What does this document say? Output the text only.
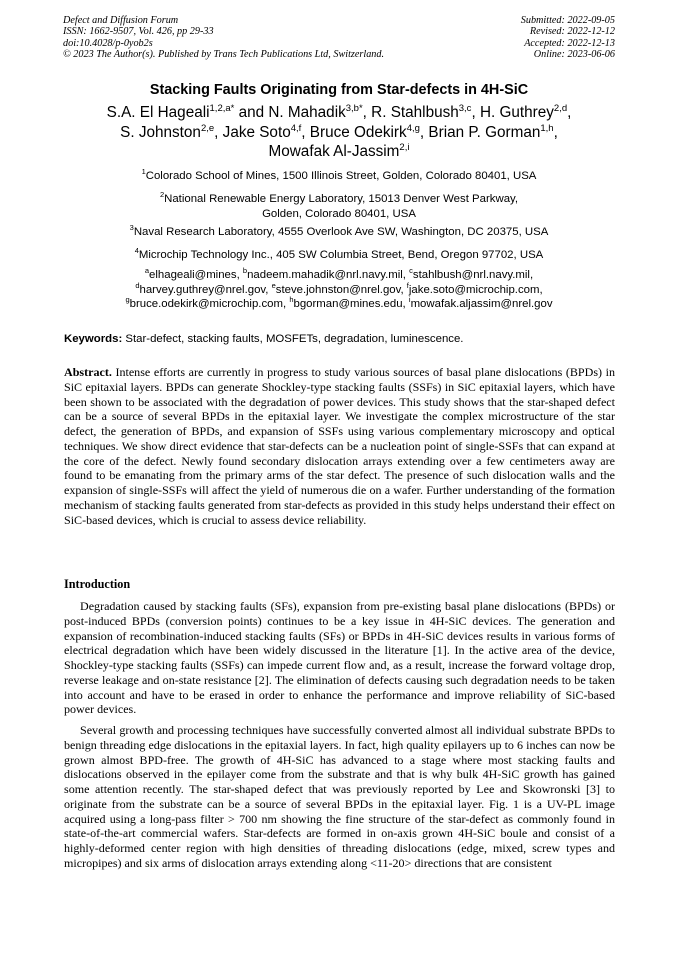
Defect and Diffusion Forum
ISSN: 1662-9507, Vol. 426, pp 29-33
doi:10.4028/p-0yob2s
© 2023 The Author(s). Published by Trans Tech Publications Ltd, Switzerland.
Submitted: 2022-09-05
Revised: 2022-12-12
Accepted: 2022-12-13
Online: 2023-06-06
Stacking Faults Originating from Star-defects in 4H-SiC
S.A. El Hageali$^{1,2,a*}$ and N. Mahadik$^{3,b*}$, R. Stahlbush$^{3,c}$, H. Guthrey$^{2,d}$,
S. Johnston$^{2,e}$, Jake Soto$^{4,f}$, Bruce Odekirk$^{4,g}$, Brian P. Gorman$^{1,h}$,
Mowafak Al-Jassim$^{2,i}$
$^1$Colorado School of Mines, 1500 Illinois Street, Golden, Colorado 80401, USA
$^2$National Renewable Energy Laboratory, 15013 Denver West Parkway,
Golden, Colorado 80401, USA
$^3$Naval Research Laboratory, 4555 Overlook Ave SW, Washington, DC 20375, USA
$^4$Microchip Technology Inc., 405 SW Columbia Street, Bend, Oregon 97702, USA
$^a$elhageali@mines, $^b$nadeem.mahadik@nrl.navy.mil, $^c$stahlbush@nrl.navy.mil,
$^d$harvey.guthrey@nrel.gov, $^e$steve.johnston@nrel.gov, $^f$jake.soto@microchip.com,
$^g$bruce.odekirk@microchip.com, $^h$bgorman@mines.edu, $^i$mowafak.aljassim@nrel.gov
Keywords: Star-defect, stacking faults, MOSFETs, degradation, luminescence.
Abstract. Intense efforts are currently in progress to study various sources of basal plane dislocations (BPDs) in SiC epitaxial layers. BPDs can generate Shockley-type stacking faults (SSFs) in SiC epitaxial layers, which have been shown to be associated with the degradation of power devices. This study shows that the star-shaped defect can be a source of several BPDs in the epitaxial layer. We investigate the complex microstructure of the star defect, the generation of BPDs, and expansion of SSFs using various complementary microscopy and optical techniques. We show direct evidence that star-defects can be a nucleation point of single-SSFs that can expand at the core of the defect. Newly found secondary dislocation arrays extending over a few centimeters away are found to be emanating from the primary arms of the star defect. The presence of such dislocation walls and the expansion of single-SSFs will affect the yield of numerous die on a wafer. Further understanding of the formation mechanism of stacking faults generated from star-defects as provided in this study helps understand their effect on SiC-based devices, which is crucial to assess device reliability.
Introduction
Degradation caused by stacking faults (SFs), expansion from pre-existing basal plane dislocations (BPDs) or post-induced BPDs (conversion points) continues to be a key issue in 4H-SiC devices. The generation and expansion of recombination-induced stacking faults (SFs) or BPDs in 4H-SiC devices results in various forms of electrical degradation which have been widely discussed in the literature [1]. In the active area of the device, Shockley-type stacking faults (SSFs) can impede current flow and, as a result, increase the forward voltage drop, reverse leakage and on-state resistance [2]. The elimination of defects causing such degradation needs to be taken into account and have to be erased in order to enhance the performance and improve reliability of SiC-based power devices.
Several growth and processing techniques have successfully converted almost all individual substrate BPDs to benign threading edge dislocations in the epitaxial layers. In fact, high quality epilayers up to 6 inches can now be grown almost BPD-free. The growth of 4H-SiC has advanced to a stage where most stacking faults and dislocations observed in the epilayer come from the substrate and that is why bulk 4H-SiC growth has gained some attention recently. The star-shaped defect that was previously reported by Lee and Skowronski [3] to originate from the substrate can be a source of several BPDs in the epitaxial layer. Fig. 1 is a UV-PL image acquired using a long-pass filter > 700 nm showing the fine structure of the star-defect as commonly found in state-of-the-art commercial wafers. Star-defects are formed in on-axis grown 4H-SiC boule and consist of a highly-deformed center region with high densities of threading dislocations (edge, mixed, screw types and micropipes) and six arms of dislocation arrays extending along <11-20> directions that are consistent
